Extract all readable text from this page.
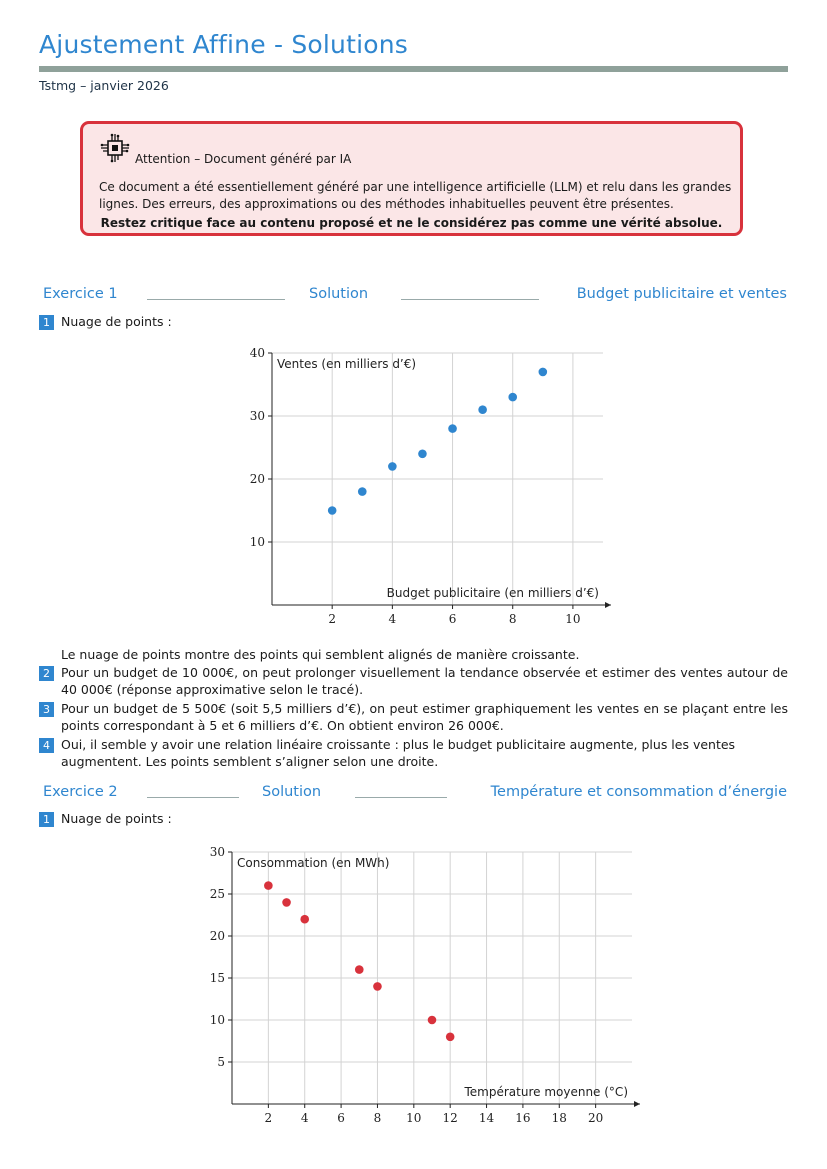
Ajustement Affine - Solutions
Tstmg – janvier 2026
Attention – Document généré par IA
Ce document a été essentiellement généré par une intelligence artificielle (LLM) et relu dans les grandes lignes. Des erreurs, des approximations ou des méthodes inhabituelles peuvent être présentes.
Restez critique face au contenu proposé et ne le considérez pas comme une vérité absolue.
Exercice 1	Solution	Budget publicitaire et ventes
1 Nuage de points :
2	4	6	8	10
10
20
30
40
Ventes (en milliers d’€)
Budget publicitaire (en milliers d’€)
Le nuage de points montre des points qui semblent alignés de manière croissante.
2 Pour un budget de 10 000€, on peut prolonger visuellement la tendance observée et estimer des ventes autour de 40 000€ (réponse approximative selon le tracé).
3 Pour un budget de 5 500€ (soit 5,5 milliers d’€), on peut estimer graphiquement les ventes en se plaçant entre les points correspondant à 5 et 6 milliers d’€. On obtient environ 26 000€.
4 Oui, il semble y avoir une relation linéaire croissante : plus le budget publicitaire augmente, plus les ventes augmentent. Les points semblent s’aligner selon une droite.
Exercice 2	Solution	Température et consommation d’énergie
1 Nuage de points :
2 4 6 8 10 12 14 16 18 20
5
10
15
20
25
30
Consommation (en MWh)
Température moyenne (°C)
